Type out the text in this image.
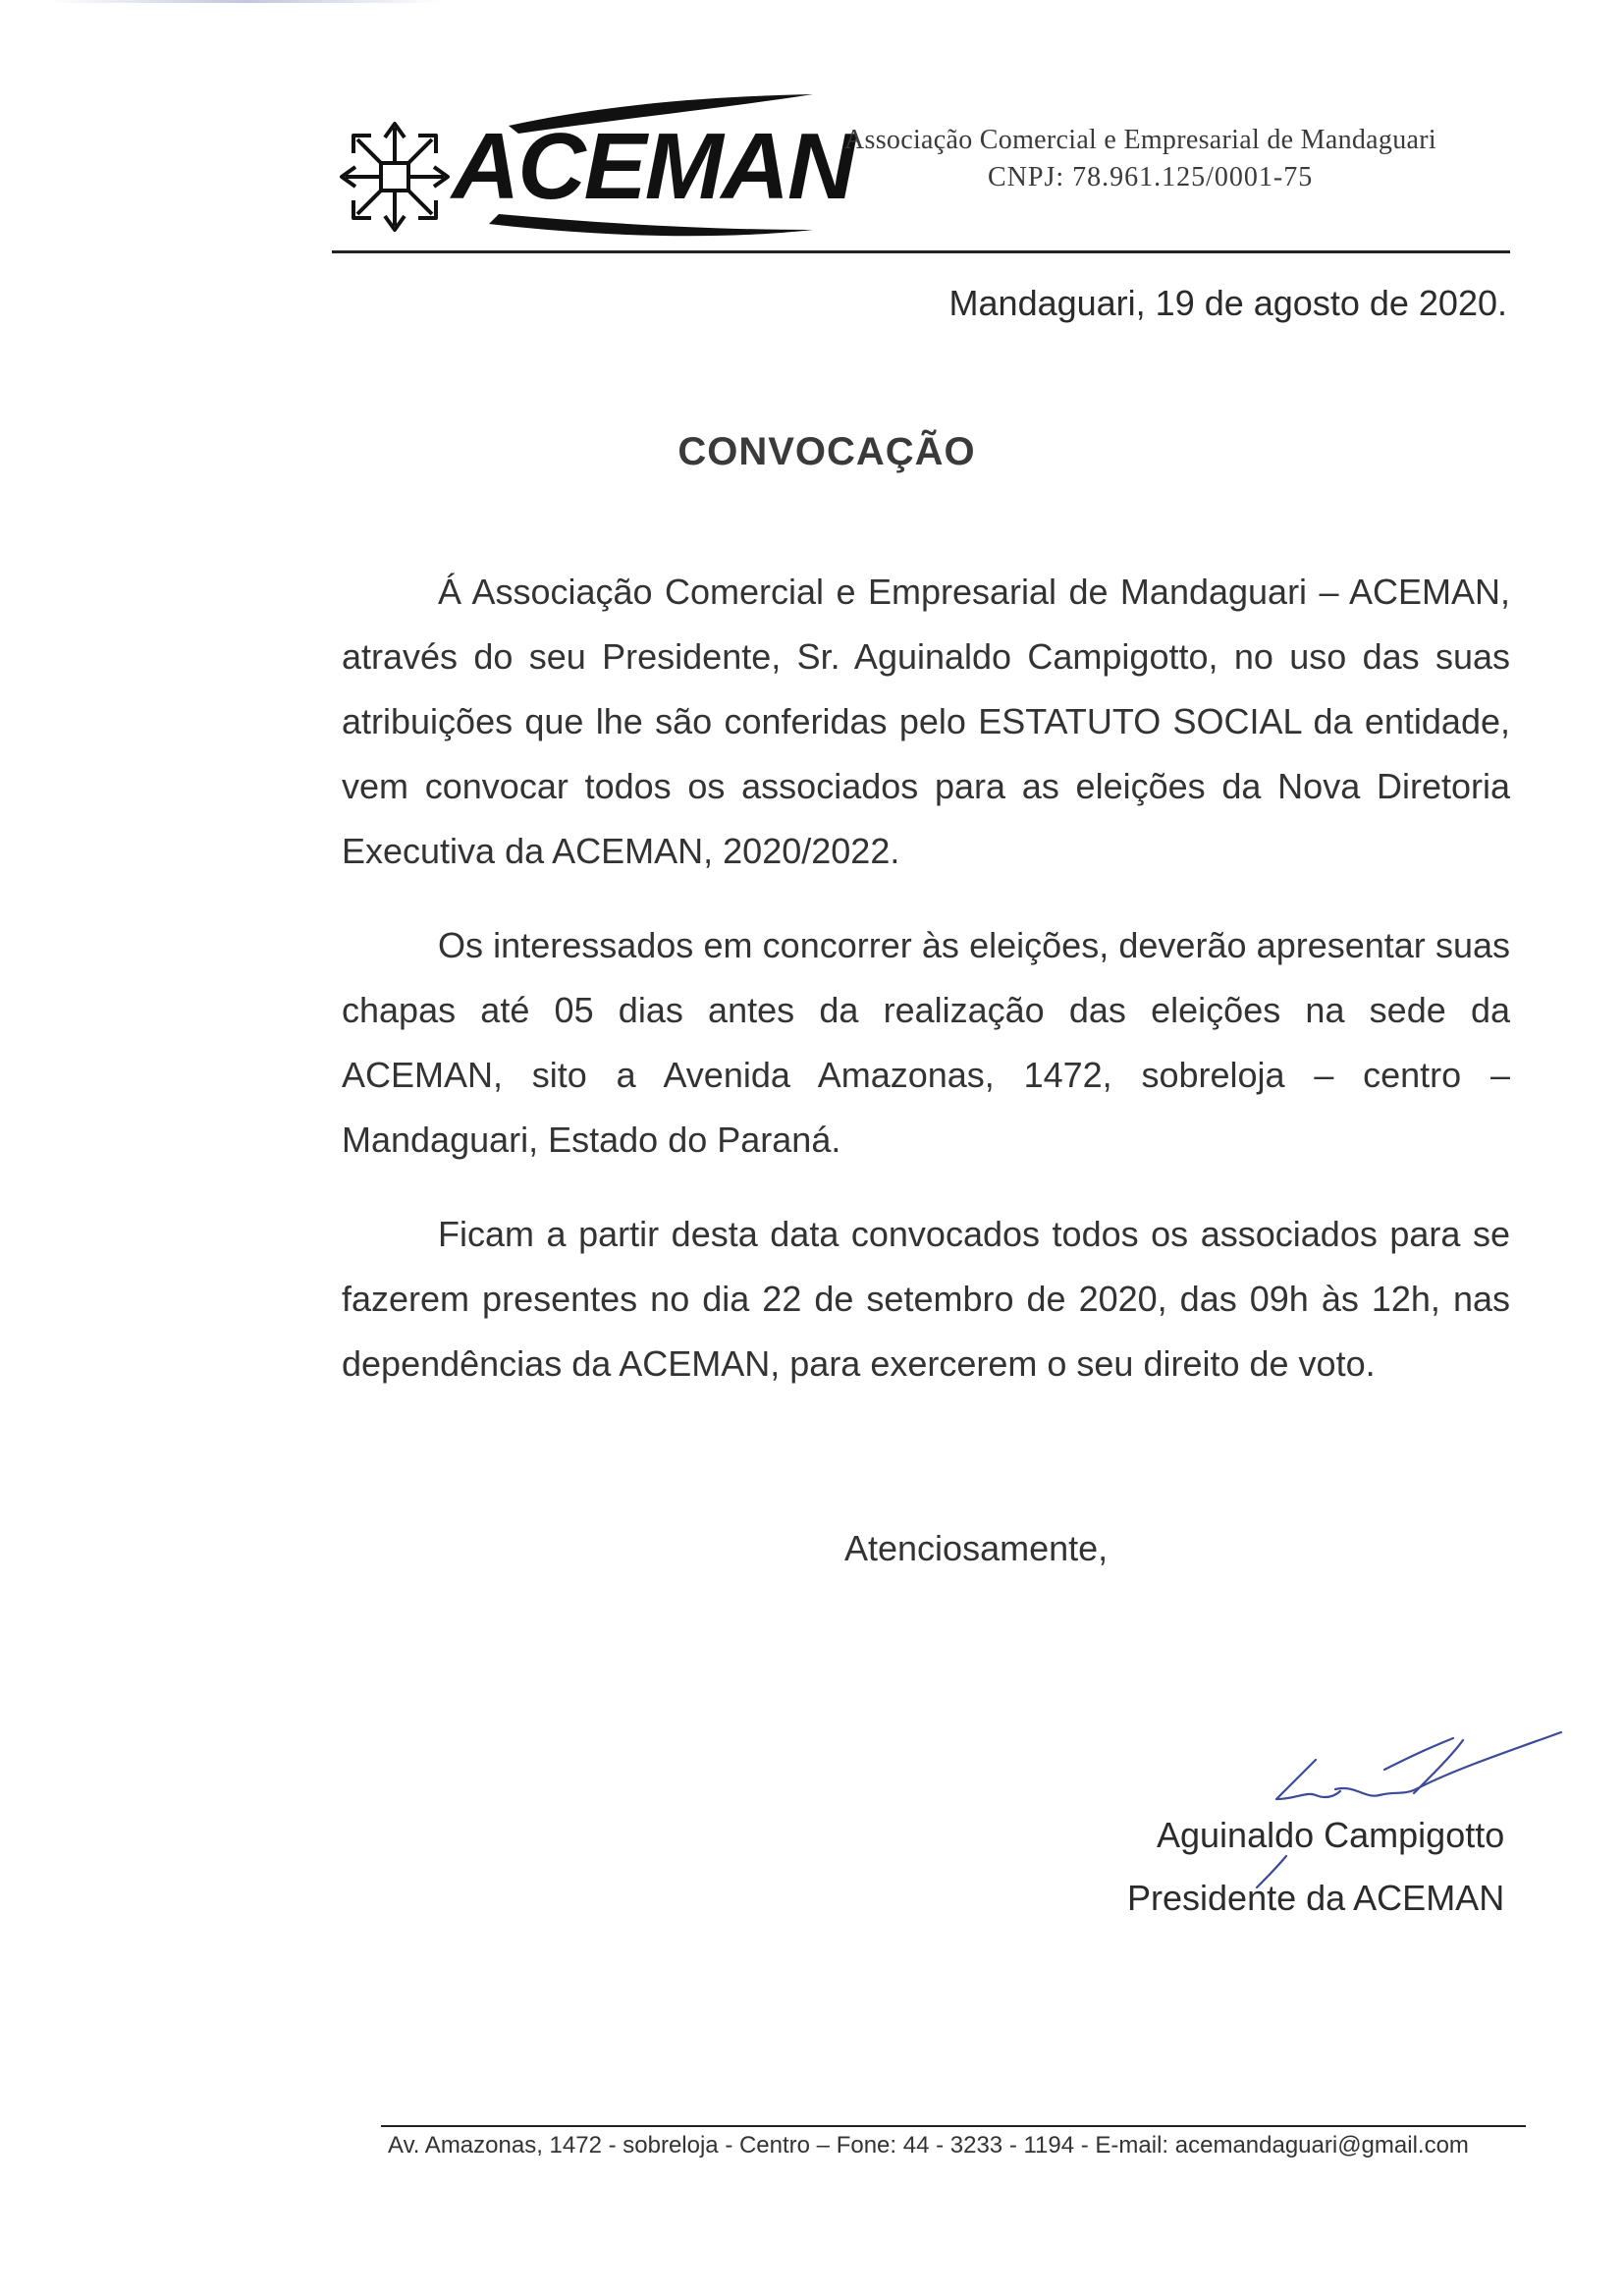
ACEMAN
Associação Comercial e Empresarial de Mandaguari
CNPJ: 78.961.125/0001-75
Mandaguari, 19 de agosto de 2020.
CONVOCAÇÃO

Á Associação Comercial e Empresarial de Mandaguari – ACEMAN, através do seu Presidente, Sr. Aguinaldo Campigotto, no uso das suas atribuições que lhe são conferidas pelo ESTATUTO SOCIAL da entidade, vem convocar todos os associados para as eleições da Nova Diretoria Executiva da ACEMAN, 2020/2022.

Os interessados em concorrer às eleições, deverão apresentar suas chapas até 05 dias antes da realização das eleições na sede da ACEMAN, sito a Avenida Amazonas, 1472, sobreloja – centro – Mandaguari, Estado do Paraná.

Ficam a partir desta data convocados todos os associados para se fazerem presentes no dia 22 de setembro de 2020, das 09h às 12h, nas dependências da ACEMAN, para exercerem o seu direito de voto.

Atenciosamente,
Aguinaldo Campigotto
Presidente da ACEMAN
Av. Amazonas, 1472 - sobreloja - Centro – Fone: 44 - 3233 - 1194 - E-mail: acemandaguari@gmail.com
